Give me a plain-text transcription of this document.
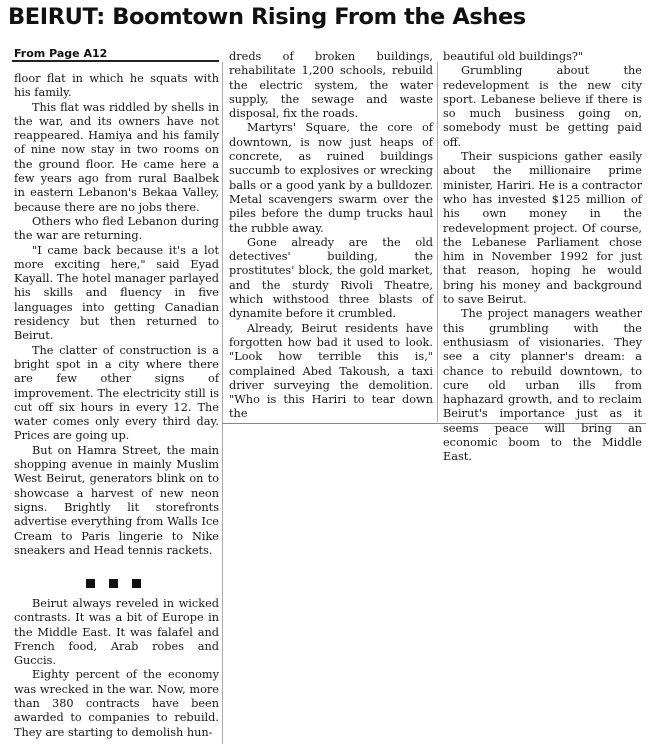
BEIRUT: Boomtown Rising From the Ashes
From Page A12

floor flat in which he squats with his family.

This flat was riddled by shells in the war, and its owners have not reappeared. Hamiya and his family of nine now stay in two rooms on the ground floor. He came here a few years ago from rural Baalbek in eastern Lebanon's Bekaa Valley, because there are no jobs there.

Others who fled Lebanon during the war are returning.

"I came back because it's a lot more exciting here," said Eyad Kayall. The hotel manager parlayed his skills and fluency in five languages into getting Canadian residency but then returned to Beirut.

The clatter of construction is a bright spot in a city where there are few other signs of improvement. The electricity still is cut off six hours in every 12. The water comes only every third day. Prices are going up.

But on Hamra Street, the main shopping avenue in mainly Muslim West Beirut, generators blink on to showcase a harvest of new neon signs. Brightly lit storefronts advertise everything from Walls Ice Cream to Paris lingerie to Nike sneakers and Head tennis rackets.

Beirut always reveled in wicked contrasts. It was a bit of Europe in the Middle East. It was falafel and French food, Arab robes and Guccis.

Eighty percent of the economy was wrecked in the war. Now, more than 380 contracts have been awarded to companies to rebuild. They are starting to demolish hun-

dreds of broken buildings, rehabilitate 1,200 schools, rebuild the electric system, the water supply, the sewage and waste disposal, fix the roads.

Martyrs' Square, the core of downtown, is now just heaps of concrete, as ruined buildings succumb to explosives or wrecking balls or a good yank by a bulldozer. Metal scavengers swarm over the piles before the dump trucks haul the rubble away.

Gone already are the old detectives' building, the prostitutes' block, the gold market, and the sturdy Rivoli Theatre, which withstood three blasts of dynamite before it crumbled.

Already, Beirut residents have forgotten how bad it used to look. "Look how terrible this is," complained Abed Takoush, a taxi driver surveying the demolition. "Who is this Hariri to tear down the

beautiful old buildings?"

Grumbling about the redevelopment is the new city sport. Lebanese believe if there is so much business going on, somebody must be getting paid off.

Their suspicions gather easily about the millionaire prime minister, Hariri. He is a contractor who has invested $125 million of his own money in the redevelopment project. Of course, the Lebanese Parliament chose him in November 1992 for just that reason, hoping he would bring his money and background to save Beirut.

The project managers weather this grumbling with the enthusiasm of visionaries. They see a city planner's dream: a chance to rebuild downtown, to cure old urban ills from haphazard growth, and to reclaim Beirut's importance just as it seems peace will bring an economic boom to the Middle East.
